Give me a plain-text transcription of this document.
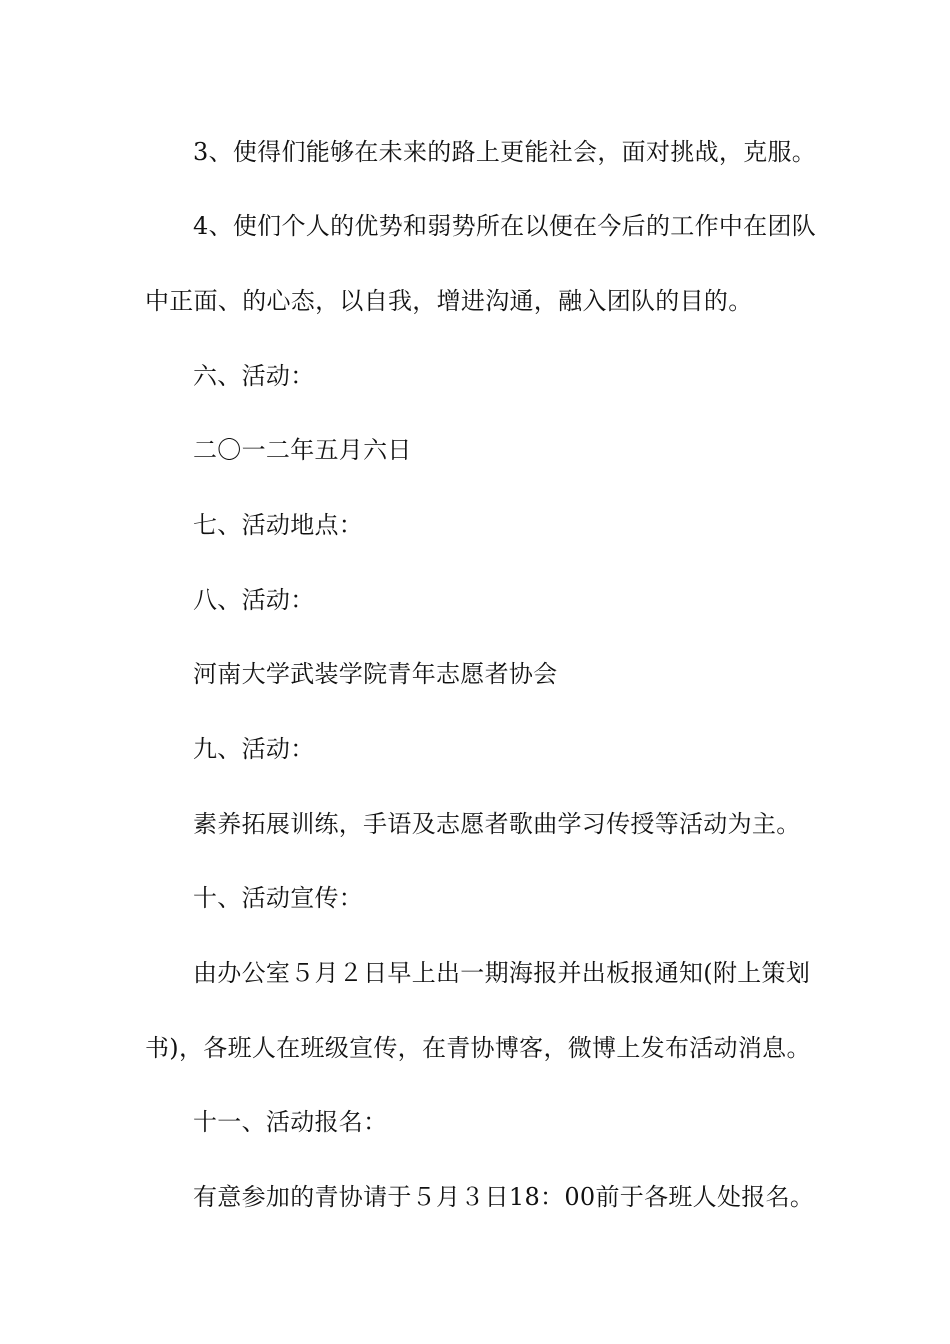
3、使得们能够在未来的路上更能社会，面对挑战，克服。
4、使们个人的优势和弱势所在以便在今后的工作中在团队
中正面、的心态，以自我，增进沟通，融入团队的目的。
六、活动：
二〇一二年五月六日
七、活动地点：
八、活动：
河南大学武装学院青年志愿者协会
九、活动：
素养拓展训练，手语及志愿者歌曲学习传授等活动为主。
十、活动宣传：
由办公室５月２日早上出一期海报并出板报通知(附上策划
书)，各班人在班级宣传，在青协博客，微博上发布活动消息。
十一、活动报名：
有意参加的青协请于５月３日18：00前于各班人处报名。
